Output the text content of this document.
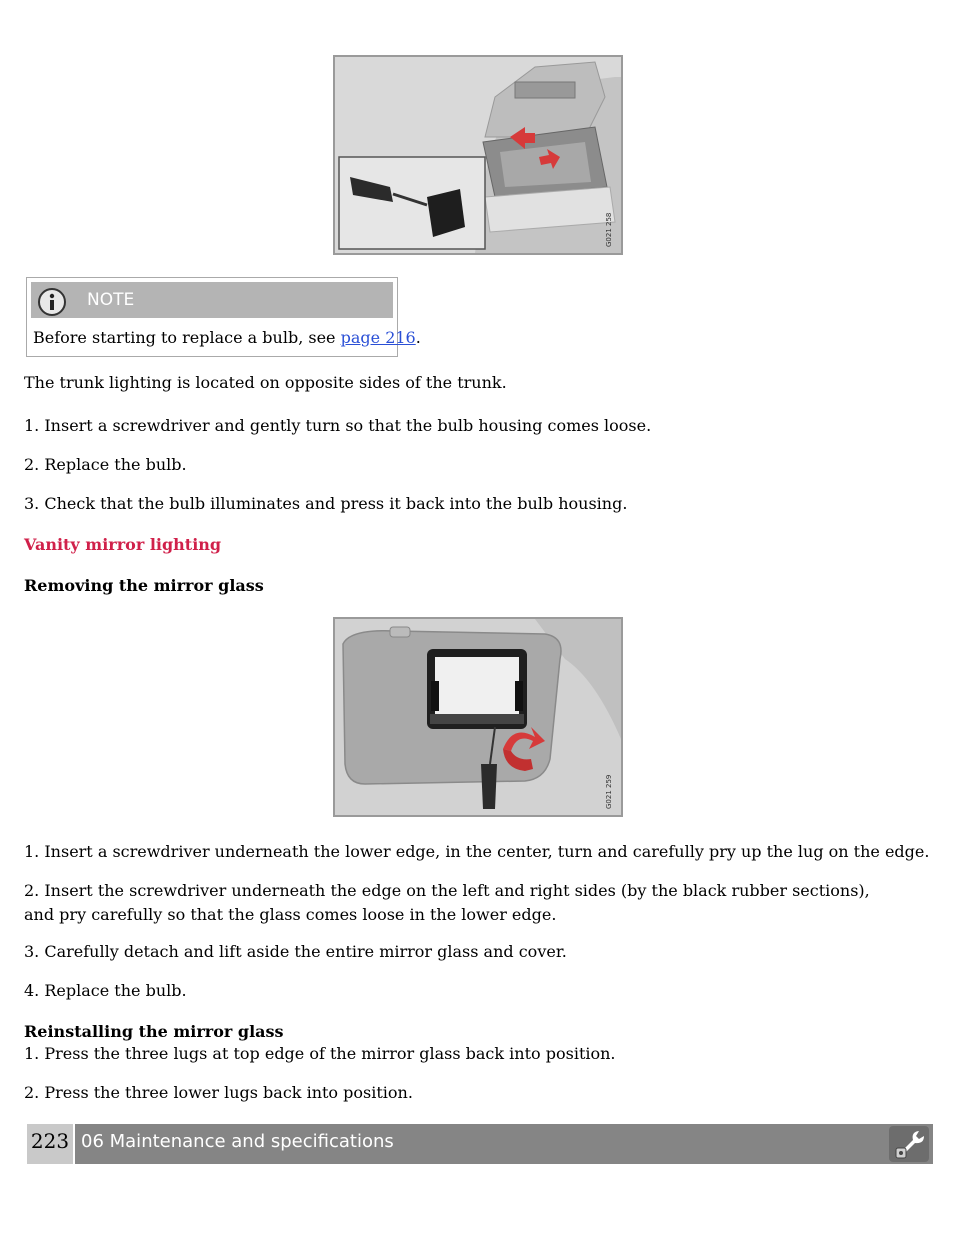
G021 258
NOTE
Before starting to replace a bulb, see page 216.
The trunk lighting is located on opposite sides of the trunk.
1. Insert a screwdriver and gently turn so that the bulb housing comes loose.
2. Replace the bulb.
3. Check that the bulb illuminates and press it back into the bulb housing.
Vanity mirror lighting
Removing the mirror glass
G021 259
1. Insert a screwdriver underneath the lower edge, in the center, turn and carefully pry up the lug on the edge.
2. Insert the screwdriver underneath the edge on the left and right sides (by the black rubber sections), and pry carefully so that the glass comes loose in the lower edge.
3. Carefully detach and lift aside the entire mirror glass and cover.
4. Replace the bulb.
Reinstalling the mirror glass
1. Press the three lugs at top edge of the mirror glass back into position.
2. Press the three lower lugs back into position.
223 06 Maintenance and specifications
